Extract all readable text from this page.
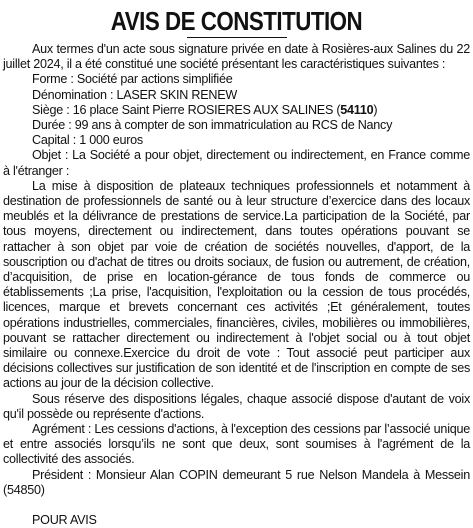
AVIS DE CONSTITUTION

Aux termes d'un acte sous signature privée en date à Rosières-aux Salines du 22 juillet 2024, il a été constitué une société présentant les caractéristiques suivantes :

Forme : Société par actions simplifiée

Dénomination : LASER SKIN RENEW

Siège : 16 place Saint Pierre ROSIERES AUX SALINES (54110)

Durée : 99 ans à compter de son immatriculation au RCS de Nancy

Capital : 1 000 euros

Objet : La Société a pour objet, directement ou indirectement, en France comme à l'étranger :

La mise à disposition de plateaux techniques professionnels et notamment à destination de professionnels de santé ou à leur structure d’exercice dans des locaux meublés et la délivrance de prestations de service.La participation de la Société, par tous moyens, directement ou indirectement, dans toutes opérations pouvant se rattacher à son objet par voie de création de sociétés nouvelles, d'apport, de la souscription ou d'achat de titres ou droits sociaux, de fusion ou autrement, de création, d’acquisition, de prise en location-gérance de tous fonds de commerce ou établissements ;La prise, l'acquisition, l'exploitation ou la cession de tous procédés, licences, marque et brevets concernant ces activités ;Et généralement, toutes opérations industrielles, commerciales, financières, civiles, mobilières ou immobilières, pouvant se rattacher directement ou indirectement à l'objet social ou à tout objet similaire ou connexe.Exercice du droit de vote : Tout associé peut participer aux décisions collectives sur justification de son identité et de l'inscription en compte de ses actions au jour de la décision collective.

Sous réserve des dispositions légales, chaque associé dispose d'autant de voix qu'il possède ou représente d'actions.

Agrément : Les cessions d'actions, à l'exception des cessions par l’associé unique et entre associés lorsqu’ils ne sont que deux, sont soumises à l'agrément de la collectivité des associés.

Président : Monsieur Alan COPIN demeurant 5 rue Nelson Mandela à Messein (54850)

POUR AVIS
